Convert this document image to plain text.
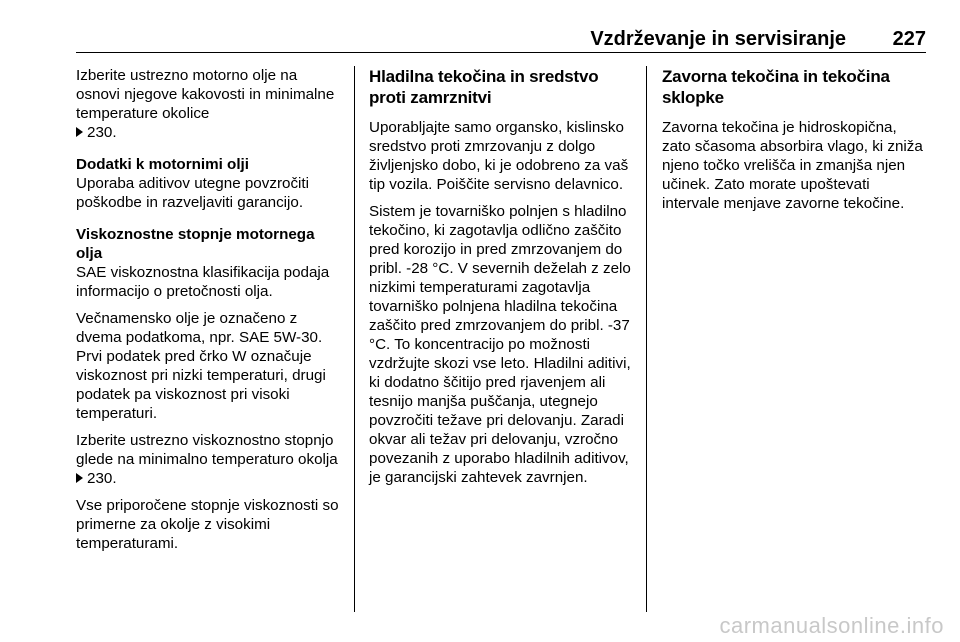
Vzdrževanje in servisiranje 227

Izberite ustrezno motorno olje na osnovi njegove kakovosti in minimalne temperature okolice
230.

Dodatki k motornimi olji

Uporaba aditivov utegne povzročiti poškodbe in razveljaviti garancijo.

Viskoznostne stopnje motornega olja

SAE viskoznostna klasifikacija podaja informacijo o pretočnosti olja.

Večnamensko olje je označeno z dvema podatkoma, npr. SAE 5W-30. Prvi podatek pred črko W označuje viskoznost pri nizki temperaturi, drugi podatek pa viskoznost pri visoki temperaturi.

Izberite ustrezno viskoznostno stopnjo glede na minimalno temperaturo okolja 230.

Vse priporočene stopnje viskoznosti so primerne za okolje z visokimi temperaturami.

Hladilna tekočina in sredstvo proti zamrznitvi

Uporabljajte samo organsko, kislinsko sredstvo proti zmrzovanju z dolgo življenjsko dobo, ki je odobreno za vaš tip vozila. Poiščite servisno delavnico.

Sistem je tovarniško polnjen s hladilno tekočino, ki zagotavlja odlično zaščito pred korozijo in pred zmrzovanjem do pribl. -28 °C. V severnih deželah z zelo nizkimi temperaturami zagotavlja tovarniško polnjena hladilna tekočina zaščito pred zmrzovanjem do pribl. -37 °C. To koncentracijo po možnosti vzdržujte skozi vse leto. Hladilni aditivi, ki dodatno ščitijo pred rjavenjem ali tesnijo manjša puščanja, utegnejo povzročiti težave pri delovanju. Zaradi okvar ali težav pri delovanju, vzročno povezanih z uporabo hladilnih aditivov, je garancijski zahtevek zavrnjen.

Zavorna tekočina in tekočina sklopke

Zavorna tekočina je hidroskopična, zato sčasoma absorbira vlago, ki zniža njeno točko vrelišča in zmanjša njen učinek. Zato morate upoštevati intervale menjave zavorne tekočine.

carmanualsonline.info
